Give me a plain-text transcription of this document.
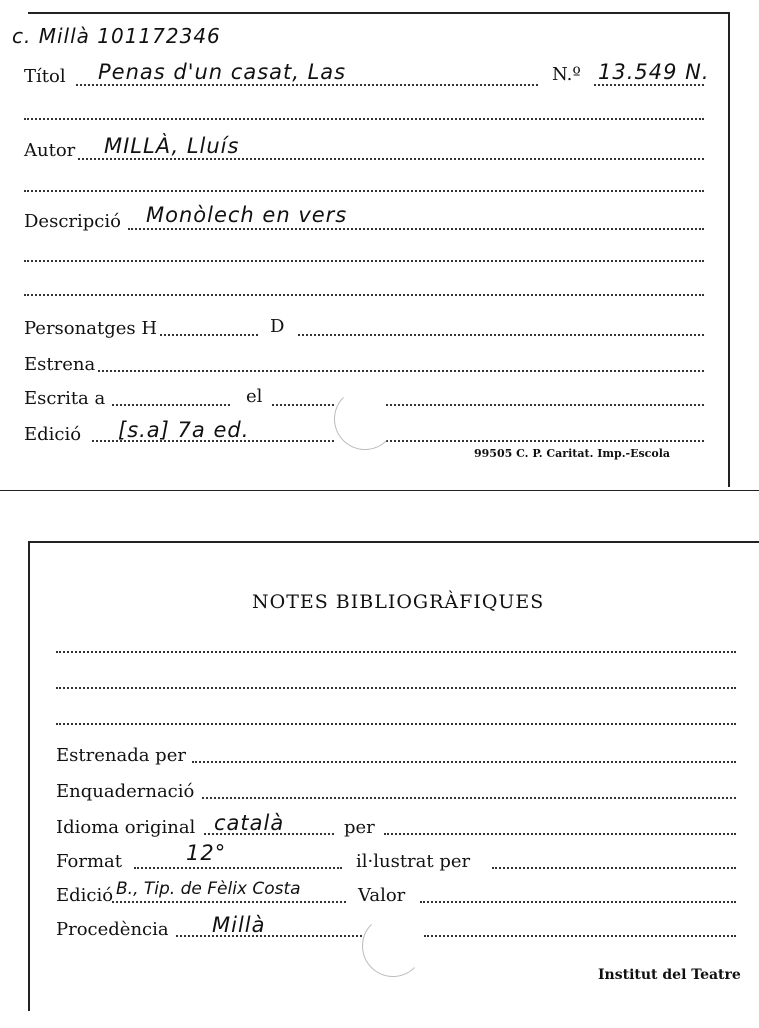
c. Millà 101172346
Títol Penas d'un casat, Las	N.º 13.549 N.
Autor MILLÀ, Lluís
Descripció Monòlech en vers
Personatges H	D
Estrena
Escrita a	el
Edició [s.a] 7a ed.
99505 C. P. Caritat. Imp.-Escola
NOTES BIBLIOGRÀFIQUES
Estrenada per
Enquadernació
Idioma original català	per
Format	12°	il·lustrat per
Edició B., Tip. de Fèlix Costa	Valor
Procedència Millà
Institut del Teatre
